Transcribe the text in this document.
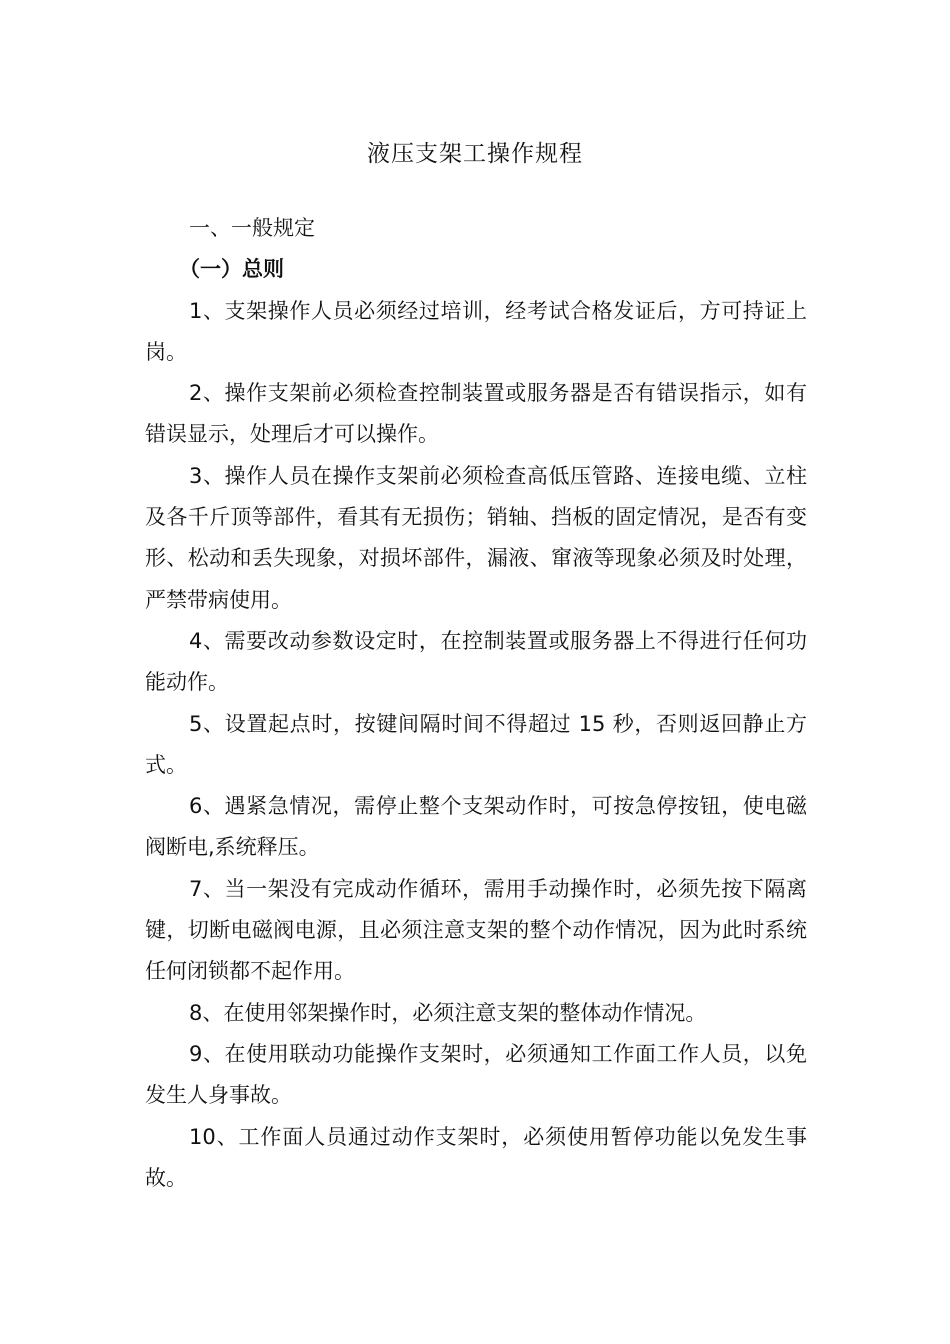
液压支架工操作规程

一、一般规定

（一）总则

1、支架操作人员必须经过培训，经考试合格发证后，方可持证上岗。

2、操作支架前必须检查控制装置或服务器是否有错误指示，如有错误显示，处理后才可以操作。

3、操作人员在操作支架前必须检查高低压管路、连接电缆、立柱及各千斤顶等部件，看其有无损伤；销轴、挡板的固定情况，是否有变形、松动和丢失现象，对损坏部件，漏液、窜液等现象必须及时处理，严禁带病使用。

4、需要改动参数设定时，在控制装置或服务器上不得进行任何功能动作。

5、设置起点时，按键间隔时间不得超过 15 秒，否则返回静止方式。

6、遇紧急情况，需停止整个支架动作时，可按急停按钮，使电磁阀断电,系统释压。

7、当一架没有完成动作循环，需用手动操作时，必须先按下隔离键，切断电磁阀电源，且必须注意支架的整个动作情况，因为此时系统任何闭锁都不起作用。

8、在使用邻架操作时，必须注意支架的整体动作情况。

9、在使用联动功能操作支架时，必须通知工作面工作人员，以免发生人身事故。

10、工作面人员通过动作支架时，必须使用暂停功能以免发生事故。
